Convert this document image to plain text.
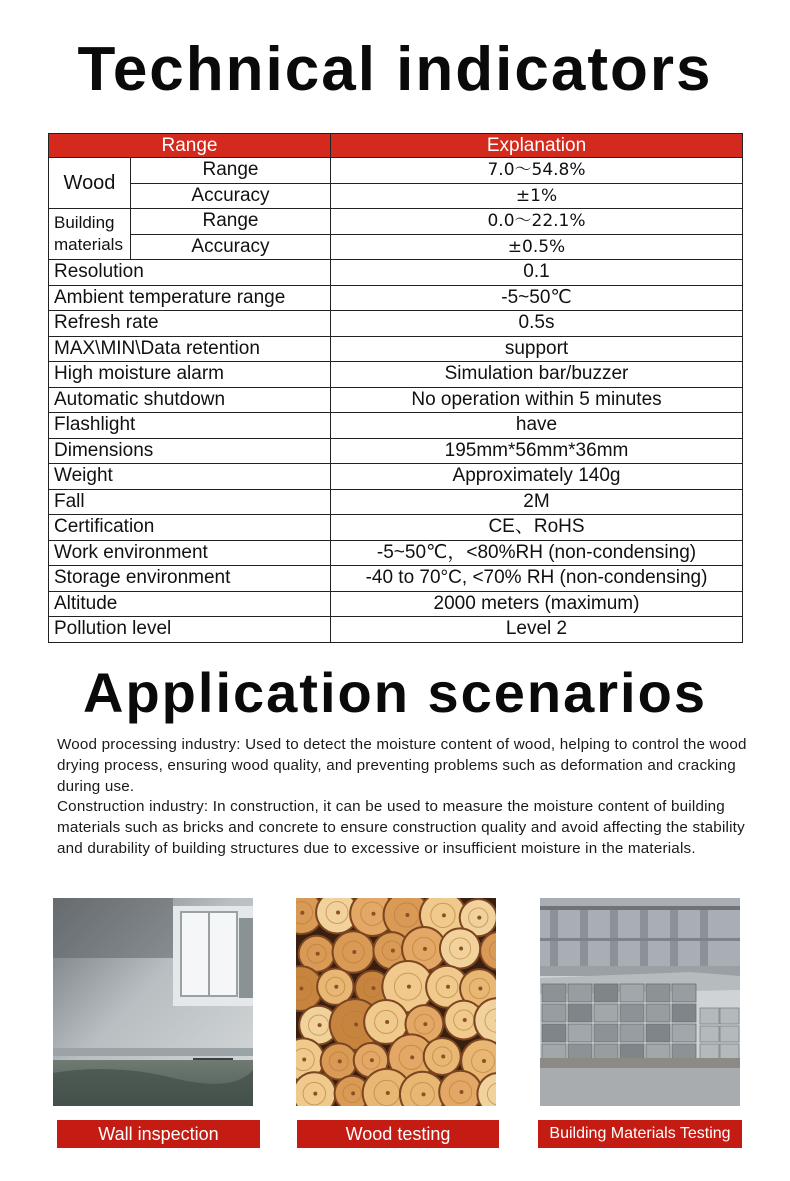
Technical indicators
Range		Explanation
Wood	Range	7.0～54.8%
	Accuracy	±1%
Building
materials	Range	0.0～22.1%
	Accuracy	±0.5%
Resolution		0.1
Ambient temperature range		-5~50℃
Refresh rate		0.5s
MAX\MIN\Data retention		support
High moisture alarm		Simulation bar/buzzer
Automatic shutdown		No operation within 5 minutes
Flashlight		have
Dimensions		195mm*56mm*36mm
Weight		Approximately 140g
Fall		2M
Certification		CE、RoHS
Work environment		-5~50℃，<80%RH (non-condensing)
Storage environment		-40 to 70°C, <70% RH (non-condensing)
Altitude		2000 meters (maximum)
Pollution level		Level 2
Application scenarios

Wood processing industry: Used to detect the moisture content of wood, helping to control the wood drying process, ensuring wood quality, and preventing problems such as deformation and cracking during use.

Construction industry: In construction, it can be used to measure the moisture content of building materials such as bricks and concrete to ensure construction quality and avoid affecting the stability and durability of building structures due to excessive or insufficient moisture in the materials.

Wall inspection	Wood testing	Building Materials Testing
